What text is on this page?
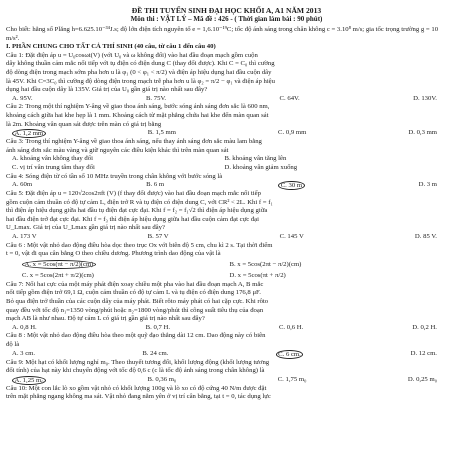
ĐỀ THI TUYỂN SINH ĐẠI HỌC KHỐI A, A1 NĂM 2013
Môn thi : VẬT LÝ – Mã đề : 426 - ( Thời gian làm bài : 90 phút)

Cho biết: hằng số Plăng h=6.625.10⁻³⁴J.s; độ lớn điện tích nguyên tố e = 1,6.10⁻¹⁹C; tốc độ ánh sáng trong chân không c = 3.10⁸ m/s; gia tốc trọng trường g = 10 m/s².

I. PHẦN CHUNG CHO TẤT CẢ THÍ SINH (40 câu, từ câu 1 đến câu 40)

Câu 1: Đặt điện áp u = U₀cosωt(V) (với U₀ và ω không đổi) vào hai đầu đoạn mạch gồm cuộn

dây không thuần cảm mắc nối tiếp với tụ điện có điện dung C (thay đổi được). Khi C = C₀ thì cường

độ dòng điện trong mạch sớm pha hơn u là φ₁ (0 < φ₁ < π/2) và điện áp hiệu dụng hai đầu cuộn dây

là 45V. Khi C=3C₀ thì cường độ dòng điện trong mạch trễ pha hơn u là φ₂ = π/2 − φ₁ và điện áp hiệu

dụng hai đầu cuộn dây là 135V. Giá trị của U₀ gần giá trị nào nhất sau đây?

A. 95V.	B. 75V.	C. 64V.	D. 130V.

Câu 2: Trong một thí nghiệm Y-âng về giao thoa ánh sáng, bước sóng ánh sáng đơn sắc là 600 nm,

khoảng cách giữa hai khe hẹp là 1 mm. Khoảng cách từ mặt phẳng chứa hai khe đến màn quan sát

là 2m. Khoảng vân quan sát được trên màn có giá trị bằng

A. 1,2 mm	B. 1,5 mm	C. 0,9 mm	D. 0,3 mm

Câu 3: Trong thí nghiệm Y-âng về giao thoa ánh sáng, nếu thay ánh sáng đơn sắc màu lam bằng

ánh sáng đơn sắc màu vàng và giữ nguyên các điều kiện khác thì trên màn quan sát

A. khoảng vân không thay đổi	B. khoảng vân tăng lên
C. vị trí vân trung tâm thay đổi	D. khoảng vân giảm xuống

Câu 4: Sóng điện từ có tần số 10 MHz truyền trong chân không với bước sóng là

A. 60m	B. 6 m	C. 30 m	D. 3 m

Câu 5: Đặt điện áp u = 120√2cos2πft (V) (f thay đổi được) vào hai đầu đoạn mạch mắc nối tiếp

gồm cuộn cảm thuần có độ tự cảm L, điện trở R và tụ điện có điện dung C, với CR² < 2L. Khi f = f₁

thì điện áp hiệu dụng giữa hai đầu tụ điện đạt cực đại. Khi f = f₂ = f₁√2 thì điện áp hiệu dụng giữa

hai đầu điện trở đạt cực đại. Khi f = f₃ thì điện áp hiệu dụng giữa hai đầu cuộn cảm đạt cực đại

U_Lmax. Giá trị của U_Lmax gần giá trị nào nhất sau đây?

A. 173 V	B. 57 V	C. 145 V	D. 85 V.

Câu 6 : Một vật nhỏ dao động điều hòa dọc theo trục Ox với biên độ 5 cm, chu kì 2 s. Tại thời điểm

t = 0, vật đi qua cân bằng O theo chiều dương. Phương trình dao động của vật là

A. x = 5cos(πt − π/2)(cm)	B. x = 5cos(2πt − π/2)(cm)
C. x = 5cos(2πt + π/2)(cm)	D. x = 5cos(πt + π/2)

Câu 7: Nối hai cực của một máy phát điện xoay chiều một pha vào hai đầu đoạn mạch A, B mắc

nối tiếp gồm điện trở 69,1 Ω, cuộn cảm thuần có độ tự cảm L và tụ điện có điện dung 176,8 μF.

Bỏ qua điện trở thuần của các cuộn dây của máy phát. Biết rôto máy phát có hai cặp cực. Khi rôto

quay đều với tốc độ n₁=1350 vòng/phút hoặc n₂=1800 vòng/phút thì công suất tiêu thụ của đoạn

mạch AB là như nhau. Độ tự cảm L có giá trị gần giá trị nào nhất sau đây?

A. 0,8 H.	B. 0,7 H.	C. 0,6 H.	D. 0,2 H.

Câu 8 : Một vật nhỏ dao động điều hòa theo một quỹ đạo thẳng dài 12 cm. Dao động này có biên

độ là

A. 3 cm.	B. 24 cm.	C. 6 cm.	D. 12 cm.

Câu 9: Một hạt có khối lượng nghỉ m₀. Theo thuyết tương đối, khối lượng động (khối lượng tương

đối tính) của hạt này khi chuyển động với tốc độ 0,6 c (c là tốc độ ánh sáng trong chân không) là

A. 1,25 m₀	B. 0,36 m₀	C. 1,75 m₀	D. 0,25 m₀

Câu 10: Một con lắc lò xo gồm vật nhỏ có khối lượng 100g và lò xo có độ cứng 40 N/m được đặt

trên mặt phẳng ngang không ma sát. Vật nhỏ đang nằm yên ở vị trí cân bằng, tại t = 0, tác dụng lực
